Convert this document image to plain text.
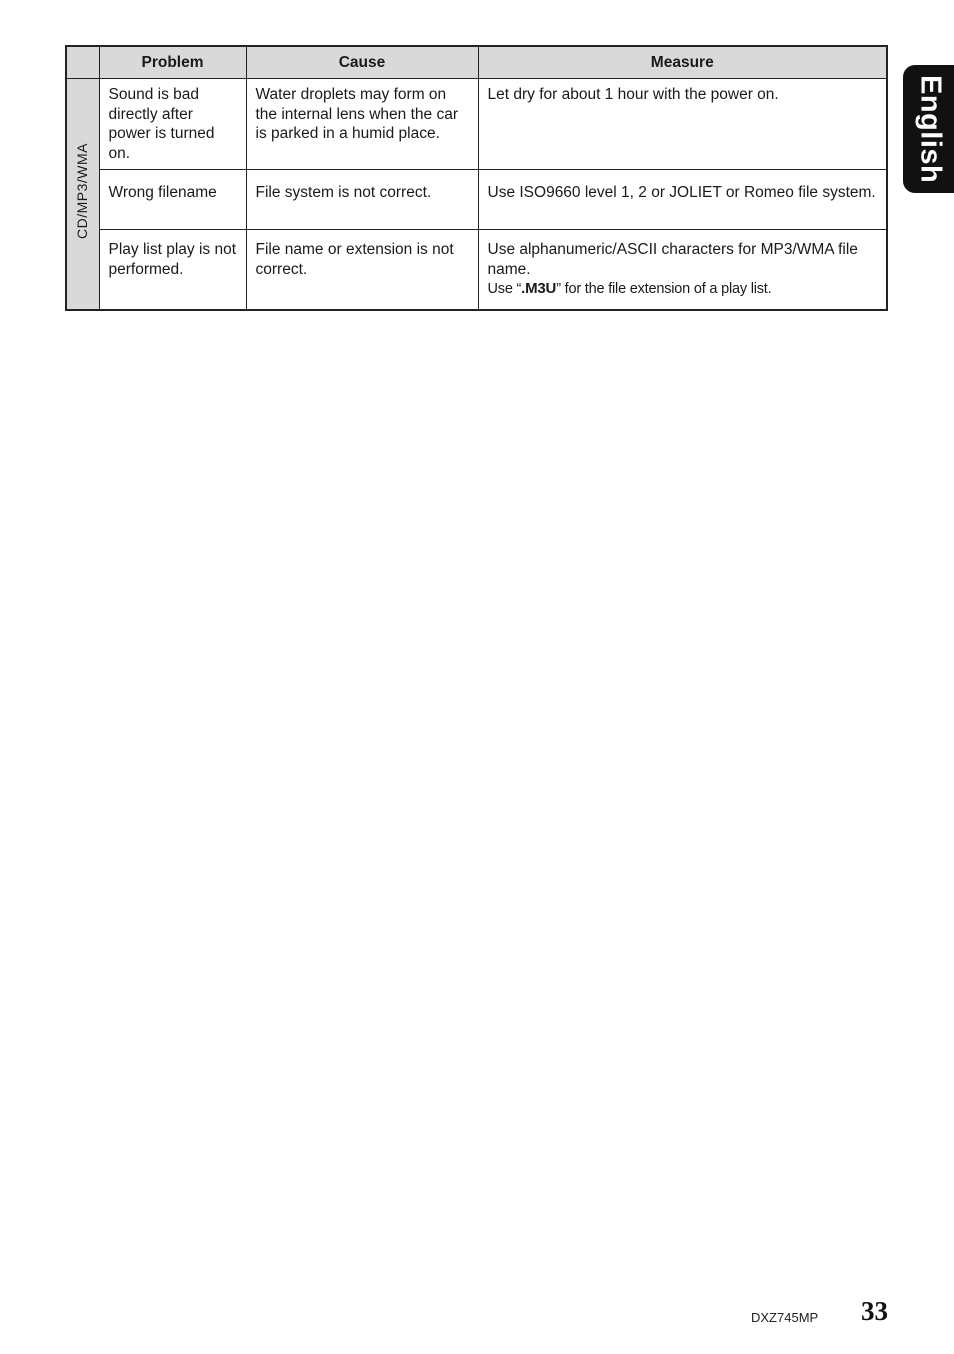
	Problem	Cause	Measure
CD/MP3/WMA	Sound is bad directly after power is turned on.	Water droplets may form on the internal lens when the car is parked in a humid place.	Let dry for about 1 hour with the power on.
	Wrong filename	File system is not correct.	Use ISO9660 level 1, 2 or JOLIET or Romeo file system.
	Play list play is not performed.	File name or extension is not correct.	Use alphanumeric/ASCII characters for MP3/WMA file name.
Use “.M3U” for the file extension of a play list.
English
DXZ745MP 33
